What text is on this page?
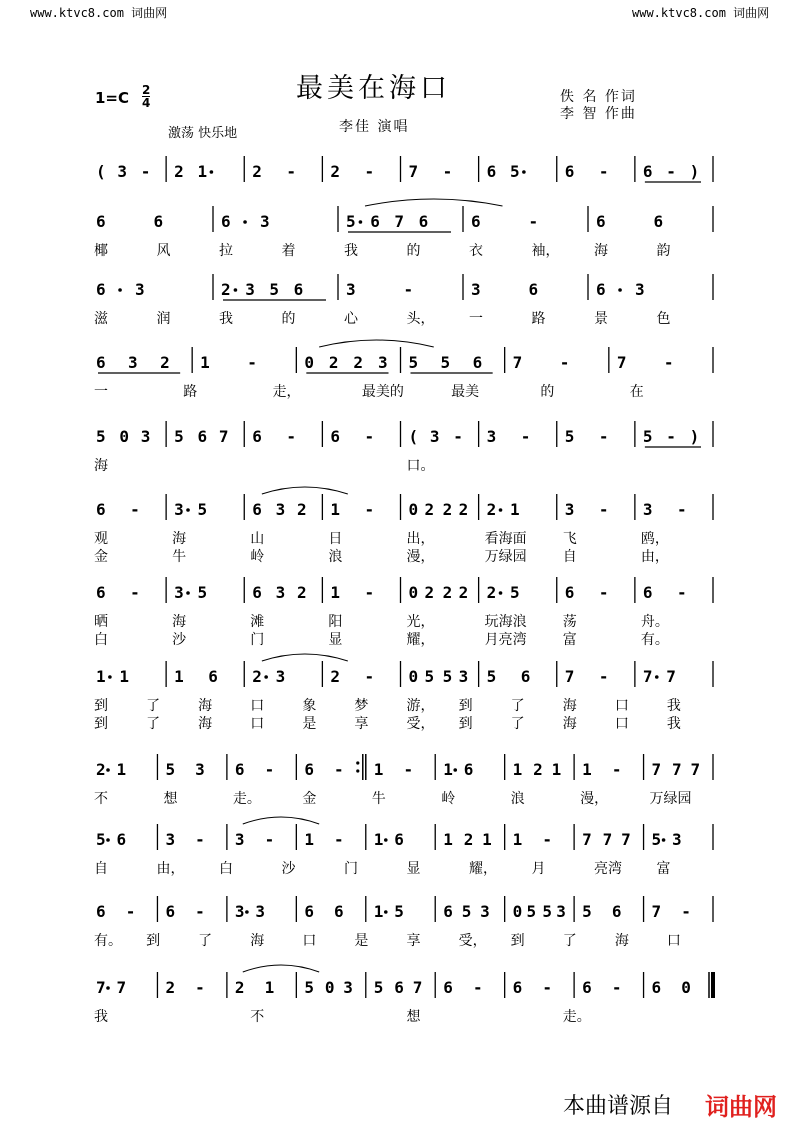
www.ktvc8.com 词曲网	www.ktvc8.com 词曲网
最美在海口
1=C 2
4	佚 名 作词
李 智 作曲
李佳 演唱
激荡 快乐地
( 3 - 2 1	2 - 2 - 7 - 6 5	6 - 6 - )
6	6	6 3	5 6 7 6	6	-	6	6
椰	风	拉	着	我	的	衣	袖， 海	韵
6 3	2 3 5 6	3	-	3	6	6 3
滋	润	我	的	心	头， 一	路	景	色
6 3 2 1 -	0 2 2 3 5 5 6 7 -	7 -
一	路	走，	最美的	最美	的	在
5 0 3 5 6 7 6 - 6 - ( 3 - 3 - 5 - 5 - )
海	口。
6 - 3 5	6 3 2 1 - 0 2 2 2 2 1	3 - 3 -
观	海	山	日	出，	看海面	飞	鸥，
金	牛	岭	浪	漫，	万绿园	自	由，
6 - 3 5	6 3 2 1 - 0 2 2 2 2 5	6 - 6 -
晒	海	滩	阳	光，	玩海浪	荡	舟。
白	沙	门	显	耀，	月亮湾	富	有。
1 1	1 6 2 3	2 - 0 5 5 3 5 6 7 - 7 7
到	了	海	口	象	梦	游， 到	了	海	口	我
到	了	海	口	是	享	受， 到	了	海	口	我
2 1 5 3 6 - 6 - 1 - 1 6 1 2 1 1 - 7 7 7
不	想	走。	金	牛	岭	浪	漫，	万绿园
5 6 3 - 3 - 1 - 1 6 1 2 1 1 - 7 7 7 5 3
自	由， 白	沙	门	显	耀， 月	亮湾 富
6 - 6 - 3 3 6 6 1 5 6 5 3 0 5 5 3 5 6 7 -
有。 到	了	海	口	是	享	受， 到	了	海	口
7 7 2 - 2 1 5 0 3 5 6 7 6 - 6 - 6 - 6 0
我	不	想	走。
本曲谱源自 词曲网
